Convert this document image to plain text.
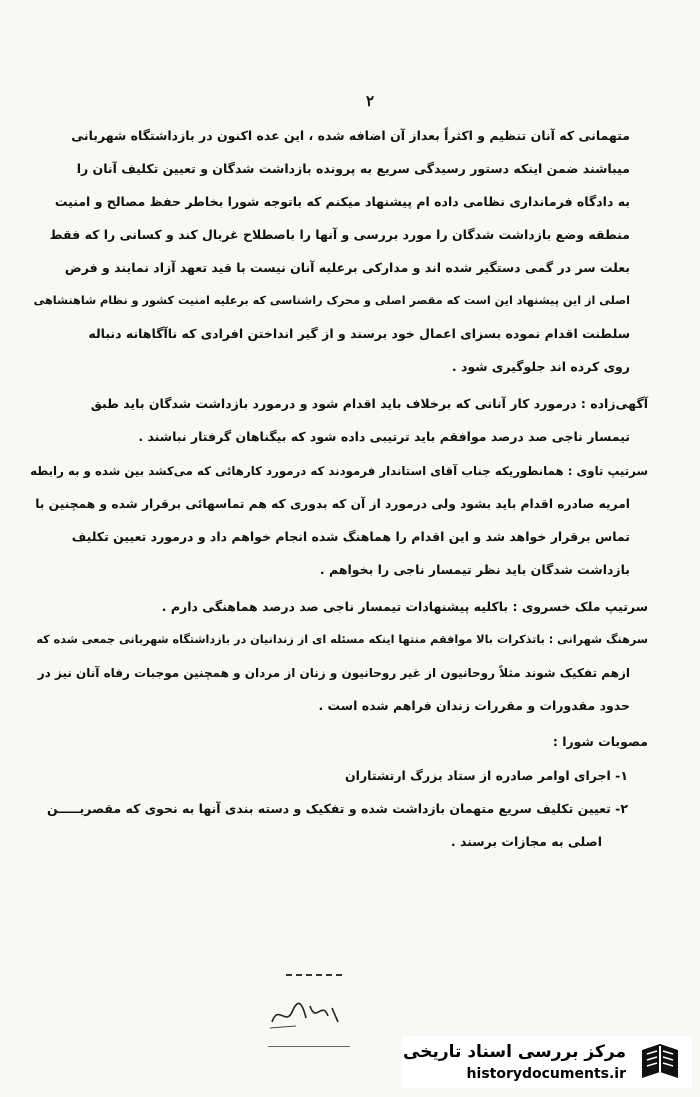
۲
متهمانی که آنان تنظیم و اکثراً بعداز آن اضافه شده ، این عده اکنون در بازداشتگاه شهربانی
میباشند ضمن اینکه دستور رسیدگی سریع به پرونده بازداشت شدگان و تعیین تکلیف آنان را
به دادگاه فرمانداری نظامی داده ام پیشنهاد میکنم که باتوجه شورا بخاطر حفظ مصالح و امنیت
منطقه وضع بازداشت شدگان را مورد بررسی و آنها را باصطلاح غربال کند و کسانی را که فقط
بعلت سر در گمی دستگیر شده اند و مدارکی برعلیه آنان نیست با قید تعهد آزاد نمایند و فرض
اصلی از این پیشنهاد این است که مقصر اصلی و محرک راشناسی که برعلیه امنیت کشور و نظام شاهنشاهی
سلطنت اقدام نموده بسزای اعمال خود برسند و از گیر انداختن افرادی که ناآگاهانه دنباله
روی کرده اند جلوگیری شود .
آگهی‌زاده : درمورد کار آنانی که برخلاف باید اقدام شود و درمورد بازداشت شدگان باید طبق
تیمسار ناجی صد درصد موافقم باید ترتیبی داده شود که بیگناهان گرفتار نباشند .
سرتیپ تاوی : همانطوریکه جناب آقای استاندار فرمودند که درمورد کارهائی که می‌کشد بین شده و به رابطه
امریه صادره اقدام باید بشود ولی درمورد از آن که بدوری که هم تماسهائی برقرار شده و همچنین با
تماس برقرار خواهد شد و این اقدام را هماهنگ شده انجام خواهم داد و درمورد تعیین تکلیف
بازداشت شدگان باید نظر تیمسار ناجی را بخواهم .
سرتیپ ملک خسروی : باکلیه پیشنهادات تیمسار ناجی صد درصد هماهنگی دارم .
سرهنگ شهرانی : باتذکرات بالا موافقم منتها اینکه مسئله ای از زندانیان در بازداشتگاه شهربانی جمعی شده که
ازهم تفکیک شوند مثلاً روحانیون از غیر روحانیون و زنان از مردان و همچنین موجبات رفاه آنان نیز در
حدود مقدورات و مقررات زندان فراهم شده است .
مصوبات شورا :
۱- اجرای اوامر صادره از ستاد بزرگ ارتشتاران
۲- تعیین تکلیف سریع متهمان بازداشت شده و تفکیک و دسته بندی آنها به نحوی که مقصریـــــن
اصلی به مجازات برسند .
مرکز بررسی اسناد تاریخی
historydocuments.ir
